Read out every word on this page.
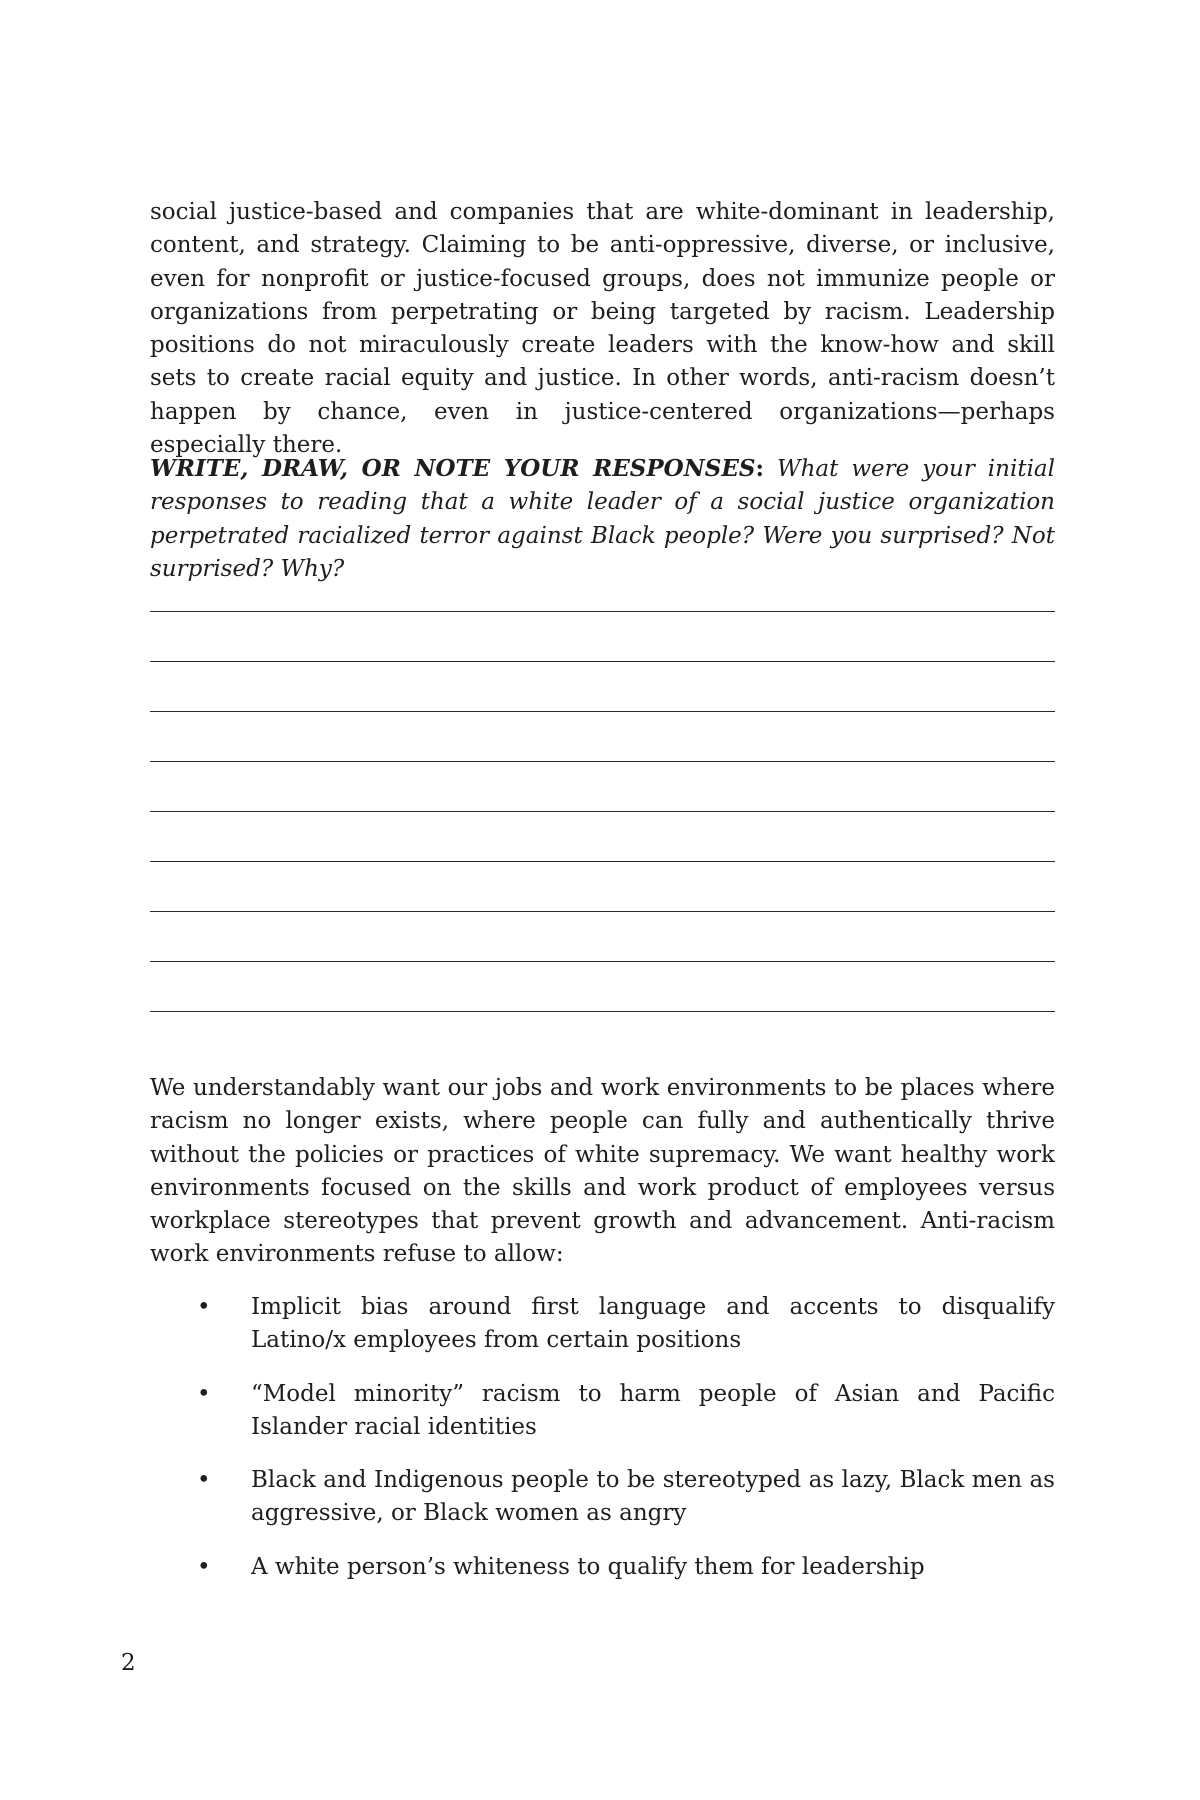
social justice-based and companies that are white-dominant in leadership, content, and strategy. Claiming to be anti-oppressive, diverse, or inclusive, even for nonprofit or justice-focused groups, does not immunize people or organizations from perpetrating or being targeted by racism. Leadership positions do not miraculously create leaders with the know-how and skill sets to create racial equity and justice. In other words, anti-racism doesn’t happen by chance, even in justice-centered organizations—perhaps especially there.

WRITE, DRAW, OR NOTE YOUR RESPONSES: What were your initial responses to reading that a white leader of a social justice organization perpetrated racialized terror against Black people? Were you surprised? Not surprised? Why?

We understandably want our jobs and work environments to be places where racism no longer exists, where people can fully and authentically thrive without the policies or practices of white supremacy. We want healthy work environments focused on the skills and work product of employees versus workplace stereotypes that prevent growth and advancement. Anti-racism work environments refuse to allow:

• Implicit bias around first language and accents to disqualify Latino/x employees from certain positions
• “Model minority” racism to harm people of Asian and Pacific Islander racial identities
• Black and Indigenous people to be stereotyped as lazy, Black men as aggressive, or Black women as angry
• A white person’s whiteness to qualify them for leadership
2
